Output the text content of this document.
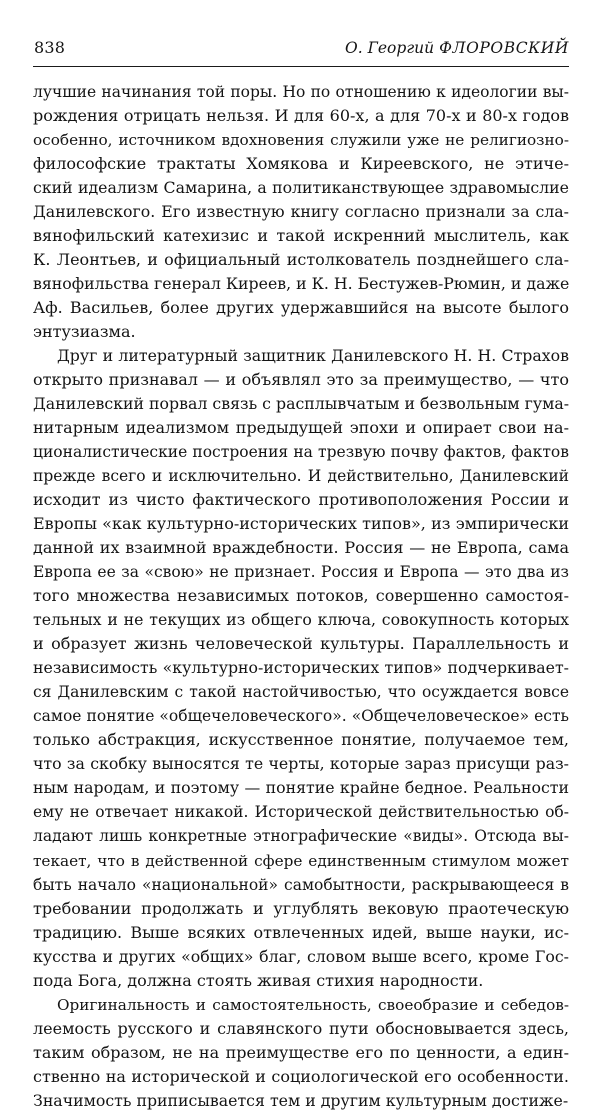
838	О. Георгий ФЛОРОВСКИЙ
лучшие начинания той поры. Но по отношению к идеологии вы-
рождения отрицать нельзя. И для 60-х, а для 70-х и 80-х годов
особенно, источником вдохновения служили уже не религиозно-
философские трактаты Хомякова и Киреевского, не этиче-
ский идеализм Самарина, а политиканствующее здравомыслие
Данилевского. Его известную книгу согласно признали за сла-
вянофильский катехизис и такой искренний мыслитель, как
К. Леонтьев, и официальный истолкователь позднейшего сла-
вянофильства генерал Киреев, и К. Н. Бестужев-Рюмин, и даже
Аф. Васильев, более других удержавшийся на высоте былого
энтузиазма.
Друг и литературный защитник Данилевского Н. Н. Страхов
открыто признавал — и объявлял это за преимущество, — что
Данилевский порвал связь с расплывчатым и безвольным гума-
нитарным идеализмом предыдущей эпохи и опирает свои на-
ционалистические построения на трезвую почву фактов, фактов
прежде всего и исключительно. И действительно, Данилевский
исходит из чисто фактического противоположения России и
Европы «как культурно-исторических типов», из эмпирически
данной их взаимной враждебности. Россия — не Европа, сама
Европа ее за «свою» не признает. Россия и Европа — это два из
того множества независимых потоков, совершенно самостоя-
тельных и не текущих из общего ключа, совокупность которых
и образует жизнь человеческой культуры. Параллельность и
независимость «культурно-исторических типов» подчеркивает-
ся Данилевским с такой настойчивостью, что осуждается вовсе
самое понятие «общечеловеческого». «Общечеловеческое» есть
только абстракция, искусственное понятие, получаемое тем,
что за скобку выносятся те черты, которые зараз присущи раз-
ным народам, и поэтому — понятие крайне бедное. Реальности
ему не отвечает никакой. Исторической действительностью об-
ладают лишь конкретные этнографические «виды». Отсюда вы-
текает, что в действенной сфере единственным стимулом может
быть начало «национальной» самобытности, раскрывающееся в
требовании продолжать и углублять вековую праотеческую
традицию. Выше всяких отвлеченных идей, выше науки, ис-
кусства и других «общих» благ, словом выше всего, кроме Гос-
пода Бога, должна стоять живая стихия народности.
Оригинальность и самостоятельность, своеобразие и себедов-
леемость русского и славянского пути обосновывается здесь,
таким образом, не на преимуществе его по ценности, а един-
ственно на исторической и социологической его особенности.
Значимость приписывается тем и другим культурным достиже-
